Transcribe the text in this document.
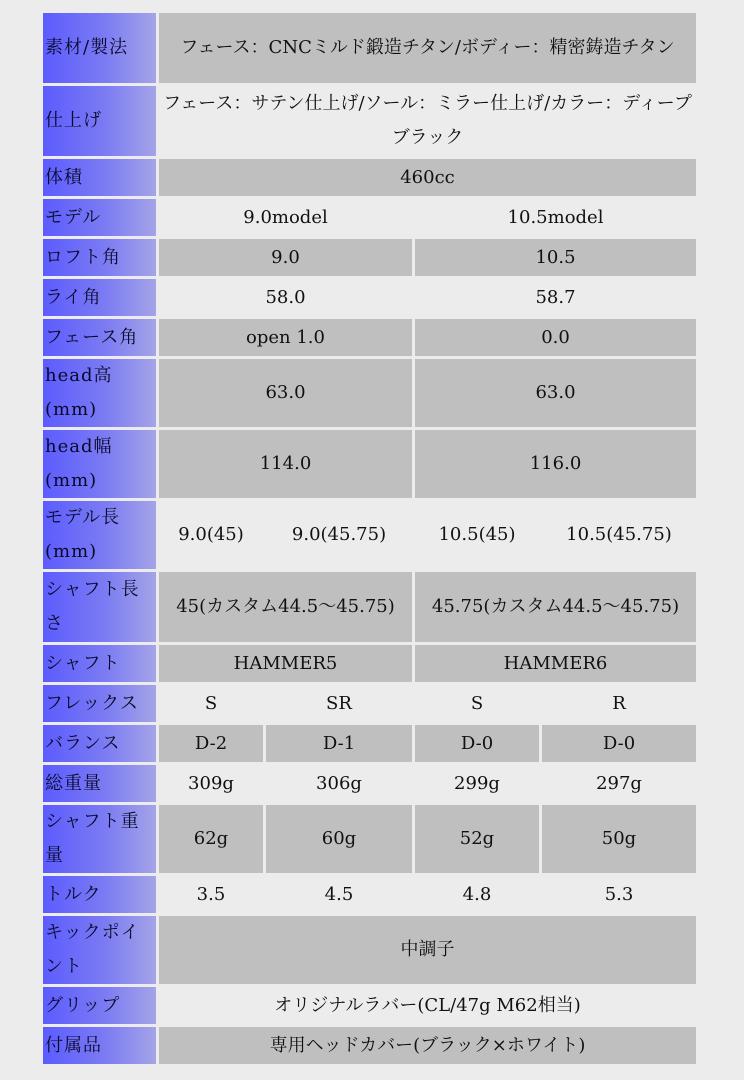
素材/製法	フェース：CNCミルド鍛造チタン/ボディー：精密鋳造チタン			
仕上げ	フェース：サテン仕上げ/ソール：ミラー仕上げ/カラー：ディープブラック			
体積	460cc			
モデル	9.0model		10.5model	
ロフト角	9.0		10.5	
ライ角	58.0		58.7	
フェース角	open 1.0		0.0	
head高(mm)	63.0		63.0	
head幅(mm)	114.0		116.0	
モデル長(mm)	9.0(45)	9.0(45.75)	10.5(45)	10.5(45.75)
シャフト長さ	45(カスタム44.5〜45.75)		45.75(カスタム44.5〜45.75)	
シャフト	HAMMER5		HAMMER6	
フレックス	S	SR	S	R
バランス	D-2	D-1	D-0	D-0
総重量	309g	306g	299g	297g
シャフト重量	62g	60g	52g	50g
トルク	3.5	4.5	4.8	5.3
キックポイント	中調子			
グリップ	オリジナルラバー(CL/47g M62相当)			
付属品	専用ヘッドカバー(ブラック×ホワイト)			
